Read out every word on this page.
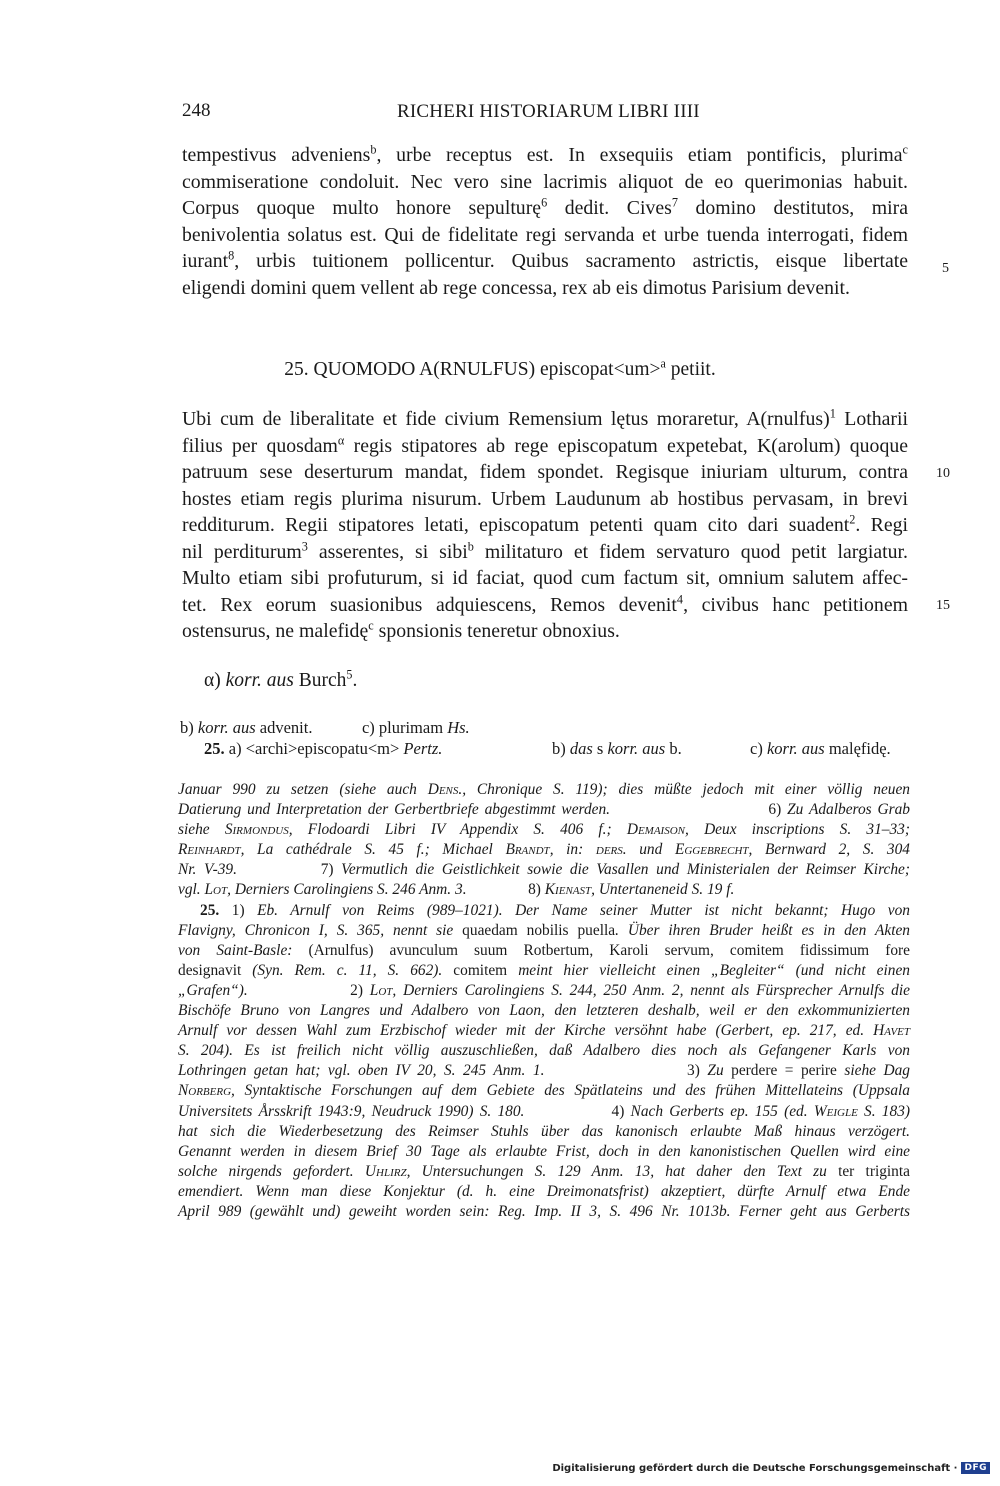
248	RICHERI HISTORIARUM LIBRI IIII
tempestivus adveniens$^b$, urbe receptus est. In exsequiis etiam pontificis, plurima$^c$
commiseratione condoluit. Nec vero sine lacrimis aliquot de eo querimonias habuit.
Corpus quoque multo honore sepulturę$^6$ dedit. Cives$^7$ domino destitutos, mira
benivolentia solatus est. Qui de fidelitate regi servanda et urbe tuenda interrogati, fidem
iurant$^8$, urbis tuitionem pollicentur. Quibus sacramento astrictis, eisque libertate
eligendi domini quem vellent ab rege concessa, rex ab eis dimotus Parisium devenit.
5
25. QUOMODO A(RNULFUS) episcopat<um>$^a$ petiit.
Ubi cum de liberalitate et fide civium Remensium lętus moraretur, A(rnulfus)$^1$ Lotharii
filius per quosdam$^\alpha$ regis stipatores ab rege episcopatum expetebat, K(arolum) quoque
patruum sese deserturum mandat, fidem spondet. Regisque iniuriam ulturum, contra
hostes etiam regis plurima nisurum. Urbem Laudunum ab hostibus pervasam, in brevi
redditurum. Regii stipatores letati, episcopatum petenti quam cito dari suadent$^2$. Regi
nil perditurum$^3$ asserentes, si sibi$^b$ militaturo et fidem servaturo quod petit largiatur.
Multo etiam sibi profuturum, si id faciat, quod cum factum sit, omnium salutem affec-
tet. Rex eorum suasionibus adquiescens, Remos devenit$^4$, civibus hanc petitionem
ostensurus, ne malefidę$^c$ sponsionis teneretur obnoxius.
10
15
α) korr. aus Burch$^5$.
b) korr. aus advenit.            c) plurimam Hs.
25. a) <archi>episcopatu<m> Pertz.	b) das s korr. aus b.	c) korr. aus malęfidę.
Januar 990 zu setzen (siehe auch Dens., Chronique S. 119); dies müßte jedoch mit einer völlig neuen
Datierung und Interpretation der Gerbertbriefe abgestimmt werden.                           6) Zu Adalberos Grab
siehe Sirmondus, Flodoardi Libri IV Appendix S. 406 f.; Demaison, Deux inscriptions S. 31–33;
Reinhardt, La cathédrale S. 45 f.; Michael Brandt, in: ders. und Eggebrecht, Bernward 2, S. 304
Nr. V-39.           7) Vermutlich die Geistlichkeit sowie die Vasallen und Ministerialen der Reimser Kirche;
vgl. Lot, Derniers Carolingiens S. 246 Anm. 3.                8) Kienast, Untertaneneid S. 19 f.
25. 1) Eb. Arnulf von Reims (989–1021). Der Name seiner Mutter ist nicht bekannt; Hugo von
Flavigny, Chronicon I, S. 365, nennt sie quaedam nobilis puella. Über ihren Bruder heißt es in den Akten
von Saint-Basle: (Arnulfus) avunculum suum Rotbertum, Karoli servum, comitem fidissimum fore
designavit (Syn. Rem. c. 11, S. 662). comitem meint hier vielleicht einen „Begleiter“ (und nicht einen
„Grafen“).               2) Lot, Derniers Carolingiens S. 244, 250 Anm. 2, nennt als Fürsprecher Arnulfs die
Bischöfe Bruno von Langres und Adalbero von Laon, den letzteren deshalb, weil er den exkommunizierten
Arnulf vor dessen Wahl zum Erzbischof wieder mit der Kirche versöhnt habe (Gerbert, ep. 217, ed. Havet
S. 204). Es ist freilich nicht völlig auszuschließen, daß Adalbero dies noch als Gefangener Karls von
Lothringen getan hat; vgl. oben IV 20, S. 245 Anm. 1.                   3) Zu perdere = perire siehe Dag
Norberg, Syntaktische Forschungen auf dem Gebiete des Spätlateins und des frühen Mittellateins (Uppsala
Universitets Årsskrift 1943:9, Neudruck 1990) S. 180.              4) Nach Gerberts ep. 155 (ed. Weigle S. 183)
hat sich die Wiederbesetzung des Reimser Stuhls über das kanonisch erlaubte Maß hinaus verzögert.
Genannt werden in diesem Brief 30 Tage als erlaubte Frist, doch in den kanonistischen Quellen wird eine
solche nirgends gefordert. Uhlirz, Untersuchungen S. 129 Anm. 13, hat daher den Text zu ter triginta
emendiert. Wenn man diese Konjektur (d. h. eine Dreimonatsfrist) akzeptiert, dürfte Arnulf etwa Ende
April 989 (gewählt und) geweiht worden sein: Reg. Imp. II 3, S. 496 Nr. 1013b. Ferner geht aus Gerberts
Digitalisierung gefördert durch die Deutsche Forschungsgemeinschaft · DFG
